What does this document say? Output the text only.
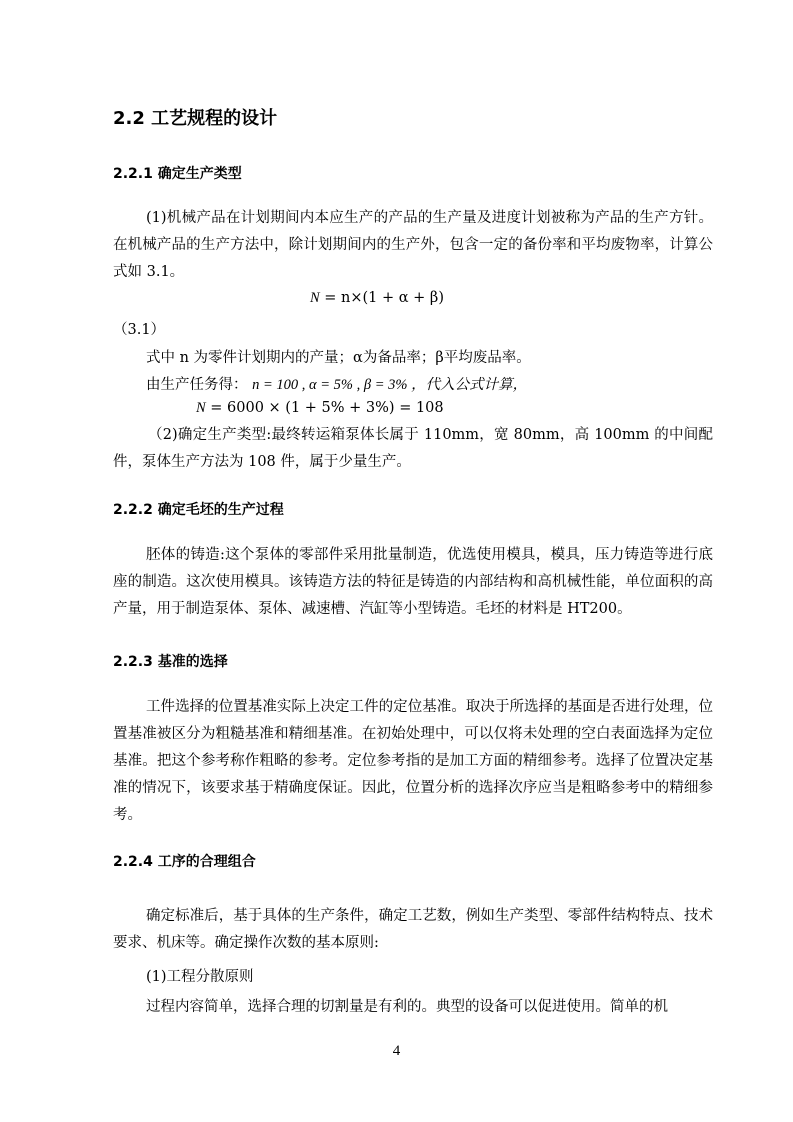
2.2 工艺规程的设计
2.2.1 确定生产类型

(1)机械产品在计划期间内本应生产的产品的生产量及进度计划被称为产品的生产方针。在机械产品的生产方法中，除计划期间内的生产外，包含一定的备份率和平均废物率，计算公式如 3.1。

N = n×(1 + α + β)
（3.1）
式中 n 为零件计划期内的产量；α为备品率；β平均废品率。
由生产任务得： n = 100 , α = 5% , β = 3% ，代入公式计算，
N = 6000 × (1 + 5% + 3%) = 108

（2)确定生产类型:最终转运箱泵体长属于 110mm，宽 80mm，高 100mm 的中间配件，泵体生产方法为 108 件，属于少量生产。

2.2.2 确定毛坯的生产过程

胚体的铸造:这个泵体的零部件采用批量制造，优选使用模具，模具，压力铸造等进行底座的制造。这次使用模具。该铸造方法的特征是铸造的内部结构和高机械性能，单位面积的高产量，用于制造泵体、泵体、减速槽、汽缸等小型铸造。毛坯的材料是 HT200。

2.2.3 基准的选择

工件选择的位置基准实际上决定工件的定位基准。取决于所选择的基面是否进行处理，位置基准被区分为粗糙基准和精细基准。在初始处理中，可以仅将未处理的空白表面选择为定位基准。把这个参考称作粗略的参考。定位参考指的是加工方面的精细参考。选择了位置决定基准的情况下，该要求基于精确度保证。因此，位置分析的选择次序应当是粗略参考中的精细参考。

2.2.4 工序的合理组合

确定标准后，基于具体的生产条件，确定工艺数，例如生产类型、零部件结构特点、技术要求、机床等。确定操作次数的基本原则:

(1)工程分散原则

过程内容简单，选择合理的切割量是有利的。典型的设备可以促进使用。简单的机

4
